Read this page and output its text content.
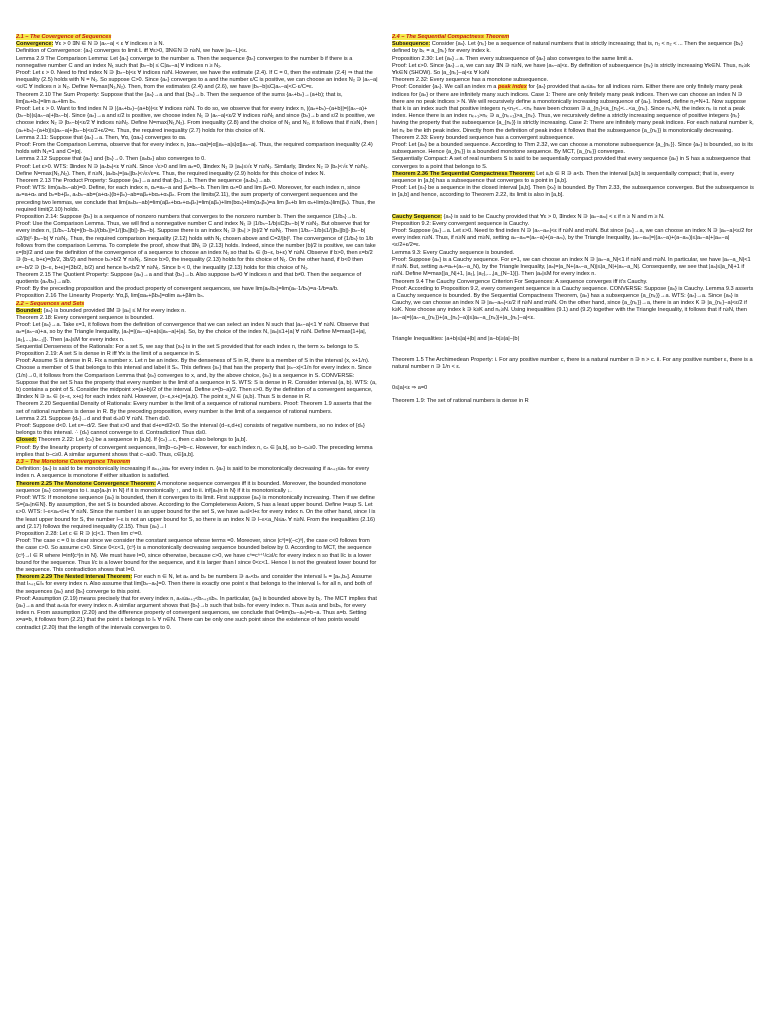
2.1 – The Covergence of Sequences

Convergence: ∀ε > 0 ∃N ∈ N ∋ |aₙ−a| < ε ∀ indices n ≥ N.

Definition of Convergence: {aₙ} converges to limit L iff ∀ε>0, ∃N∈N ∋ n≥N, we have |aₙ−L|<ε.

Lemma 2.9 The Comparison Lemma: Let {aₙ} converge to the number a. Then the sequence {bₙ} converges to the number b if there is a nonnegative number C and an index N₁ such that |bₙ−b| ≤ C|aₙ−a| ∀ indices n ≥ N₁.

Proof: Let ε > 0. Need to find index N ∋ |bₙ−b|<ε ∀ indices n≥N. However, we have the estimate (2.4). If C = 0, then the estimate (2.4) ⇒ that the inequality (2.5) holds with N = N₁. So suppose C>0. Since {aₙ} converges to a and the number ε/C is positive, we can choose an index N₂ ∋ |aₙ−a|<ε/C ∀ indices n ≥ N₂. Define N=max(N₁,N₂). Then, from the estimates (2.4) and (2.6), we have |bₙ−b|≤C|aₙ−a|<C·ε/C=ε.

Theorem 2.10 The Sum Property: Suppose that the {aₙ}→a and that {bₙ}→b. Then the sequence of the sums {aₙ+bₙ}→(a+b); that is, lim[aₙ+bₙ]=lim aₙ+lim bₙ.

Proof: Let ε > 0. Want to find index N ∋ |(aₙ+bₙ)−(a+b)|<ε ∀ indices n≥N. To do so, we observe that for every index n, |(aₙ+bₙ)−(a+b)|=|(aₙ−a)+(bₙ−b)|≤|aₙ−a|+|bₙ−b|. Since {aₙ}→a and ε/2 is positive, we choose index N₁ ∋ |aₙ−a|<ε/2 ∀ indices n≥N₁ and since {bₙ}→b and ε/2 is positive, we choose index N₂ ∋ |bₙ−b|<ε/2 ∀ indices n≥N₂. Define N=max(N₁,N₂). From inequality (2.8) and the choice of N₁ and N₂, it follows that if n≥N, then |(aₙ+bₙ)−(a+b)|≤|aₙ−a|+|bₙ−b|<ε/2+ε/2=ε. Thus, the required inequality (2.7) holds for this choice of N.

Lemma 2.11: Suppose that {aₙ}→a. Then, ∀α, {αaₙ} converges to αa.

Proof: From the Comparison Lemma, observe that for every index n, |αaₙ−αa|=|α||aₙ−a|≤|α||aₙ−a|. Thus, the required comparison inequality (2.4) holds with N₁=1 and C=|α|.

Lemma 2.12 Suppose that {aₙ} and {bₙ}→0. Then {aₙbₙ} also converges to 0.

Proof: Let ε>0. WTS: ∃index N ∋ |aₙbₙ|<ε ∀ n≥N. Since √ε>0 and lim aₙ=0, ∃index N₁ ∋ |aₙ|≤√ε ∀ n≥N₁. Similarly, ∃index N₂ ∋ |bₙ|<√ε ∀ n≥N₂. Define N=max(N₁,N₂). Then, if n≥N, |aₙbₙ|=|aₙ||bₙ|<√ε√ε=ε. Thus, the required inequality (2.9) holds for this choice of index N.

Theorem 2.13 The Product Property: Suppose {aₙ}→a and that {bₙ}→b. Then the sequence {aₙbₙ}→ab.

Proof: WTS: lim(aₙbₙ−ab)=0. Define, for each index n, αₙ=aₙ−a and βₙ=bₙ−b. Then lim αₙ=0 and lim βₙ=0. Moreover, for each index n, since aₙ=a+αₙ and bₙ=b+βₙ, aₙbₙ−ab=(a+αₙ)(b+βₙ)−ab=aβₙ+bαₙ+αₙβₙ. From the limits(2.11), the sum property of convergent sequences and the preceding two lemmas, we conclude that lim(aₙbₙ−ab)=lim(aβₙ+bαₙ+αₙβₙ)=lim(aβₙ)+lim(bαₙ)+lim(αₙβₙ)=a lim βₙ+b lim αₙ+lim(αₙ)lim(βₙ). Thus, the required limit(2.10) holds.

Proposition 2.14: Suppose {bₙ} is a sequence of nonzero numbers that converges to the nonzero number b. Then the sequence {1/bₙ}→b.

Proof: Use the Comparison Lemma. Thus, we will find a nonnegative number C and index N₁ ∋ |1/bₙ−1/b|≤C|bₙ−b| ∀ n≥N₁. But observe that for every index n, |1/bₙ−1/b|=|(b−bₙ)/(bbₙ)|=1/(|bₙ||b|)·|bₙ−b|. Suppose there is an index N₁ ∋ |bₙ| > |b|/2 ∀ n≥N₁. Then |1/bₙ−1/b|≤1/(|bₙ||b|)·|bₙ−b|≤2/|b|²·|bₙ−b| ∀ n≥N₁. Thus, the required comparison inequality (2.12) holds with N₁ chosen above and C=2/|b|². The convergence of {1/bₙ} to 1/b follows from the comparison Lemma. To complete the proof, show that ∃N₁ ∋ (2.13) holds. Indeed, since the number |b|/2 is positive, we can take ε=|b|/2 and use the definition of the convergence of a sequence to choose an index N₁ so that bₙ ∈ (b−ε, b+ε) ∀ n≥N. Observe if b>0, then ε=b/2 ∋ (b−ε, b+ε)=(b/2, 3b/2) and hence bₙ>b/2 ∀ n≥N₁. Since b>0, the inequality (2.13) holds for this choice of N₁. On the other hand, if b<0 then ε=−b/2 ∋ (b−ε, b+ε)=(3b/2, b/2) and hence bₙ<b/2 ∀ n≥N₁. Since b < 0, the inequality (2.13) holds for this choice of N₁.

Theorem 2.15 The Quotient Property: Suppose {aₙ}→a and that {bₙ}→b. Also suppose bₙ≠0 ∀ indices n and that b≠0. Then the sequence of quotients {aₙ/bₙ}→a/b.

Proof: By the preceding proposition and the product property of convergent sequences, we have lim(aₙ/bₙ)=lim(aₙ·1/bₙ)=a·1/b=a/b.

Proposition 2.16 The Linearity Property: ∀α,β, lim[αaₙ+βbₙ]=αlim aₙ+βlim bₙ.

2.2 – Sequences and Sets

Bounded: {aₙ} is bounded provided ∃M ∋ |aₙ| ≤ M for every index n.

Theorem 2.18: Every convergent sequence is bounded.

Proof: Let {aₙ}→a. Take ε=1, it follows from the definition of convergence that we can select an index N such that |aₙ−a|<1 ∀ n≥N. Observe that aₙ=(aₙ−a)+a, so by the Triangle Inequality, |aₙ|=|(aₙ−a)+a|≤|aₙ−a|+|a|. So, by the choice of the index N, |aₙ|≤1+|a| ∀ n≥N. Define M=max{1+|a|, |a₁|,...,|aₙ₋₁|}. Then |aₙ|≤M for every index n.

Sequential Denseness of the Rationals: For a set S, we say that {xₙ} is in the set S provided that for each index n, the term xₙ belongs to S.

Proposition 2.19: A set S is dense in R iff ∀x is the limit of a sequence in S.

Proof: Assume S is dense in R. Fix a number x. Let n be an index. By the denseness of S in R, there is a member of S in the interval (x, x+1/n). Choose a member of S that belongs to this interval and label it Sₙ. This defines {sₙ} that has the property that |sₙ−x|<1/n for every index n. Since (1/n)→0, it follows from the Comparison Lemma that {sₙ} converges to x, and, by the above choice, {sₙ} is a sequence in S. CONVERSE: Suppose that the set S has the property that every number is the limit of a sequence in S. WTS: S is dense in R. Consider interval (a, b). WTS: (a, b) contains a point of S. Consider the midpoint x=(a+b)/2 of the interval. Define ε=(b−a)/2. Then ε>0. By the definition of a convergent sequence, ∃index N ∋ sₙ ∈ (x−ε, x+ε) for each index n≥N. However, (x−ε,x+ε)=(a,b). The point s_N ∈ (a,b). Thus S is dense in R.

Theorem 2.20 Sequential Density of Rationals: Every number is the limit of a sequence of rational numbers. Proof: Theorem 1.9 asserts that the set of rational numbers is dense in R. By the preceding proposition, every number is the limit of a sequence of rational numbers.

Lemma 2.21 Suppose {dₙ}→d and that dₙ≥0 ∀ n≥N. Then d≥0.

Proof: Suppose d<0. Let ε=−d/2. See that ε>0 and that d+ε=d/2<0. So the interval (d−ε,d+ε) consists of negative numbers, so no index of {dₙ} belongs to this interval. ∴ {dₙ} cannot converge to d. Contradiction! Thus d≥0.

Closed: Theorem 2.22: Let {cₙ} be a sequence in [a,b]. If {cₙ}→c, then c also belongs to [a,b].

Proof: By the linearity property of convergent sequences, lim[b−cₙ]=b−c. However, for each index n, cₙ ∈ [a,b], so b−cₙ≥0. The preceding lemma implies that b−c≥0. A similar argument shows that c−a≥0. Thus, c∈[a,b].

2.3 – The Monotone Convergence Theorem

Definition: {aₙ} is said to be monotonically increasing if aₙ₊₁≥aₙ for every index n. {aₙ} is said to be monotonically decreasing if aₙ₊₁≤aₙ for every index n. A sequence is monotone if either situation is satisfied.

Theorem 2.25 The Monotone Convergence Theorem: A monotone sequence converges iff it is bounded. Moreover, the bounded monotone sequence {aₙ} converges to i. sup{aₙ|n in N} if it is monotonically ↑, and to ii. inf{aₙ|n in N} if it is monotonically ↓.

Proof: WTS: If monotone sequence {aₙ} is bounded, then it converges to its limit. First suppose {aₙ} is monotonically increasing. Then if we define S={aₙ|n∈N}. By assumption, the set S is bounded above. According to the Completeness Axiom, S has a least upper bound. Define l=sup S. Let ε>0. WTS: l−ε<aₙ<l+ε ∀ n≥N. Since the number l is an upper bound for the set S, we have aₙ≤l<l+ε for every index n. On the other hand, since l is the least upper bound for S, the number l−ε is not an upper bound for S, so there is an index N ∋ l−ε<a_N≤aₙ ∀ n≥N. From the inequalities (2.16) and (2.17) follows the required inequality (2.15). Thus {aₙ}→l

Proposition 2.28: Let c ∈ R ∋ |c|<1. Then lim cⁿ=0.

Proof: The case c = 0 is clear since we consider the constant sequence whose terms =0. Moreover, since |cⁿ|=|(−c)ⁿ|, the case c<0 follows from the case c>0. So assume c>0. Since 0<c<1, {cⁿ} is a monotonically decreasing sequence bounded below by 0. According to MCT, the sequence {cⁿ}→l ∈ R where l=inf{cⁿ|n in N}. We must have l=0, since otherwise, because c>0, we have cⁿ=cⁿ⁺¹/c≥l/c for every index n so that l/c is a lower bound for the sequence. Thus l/c is a lower bound for the sequence, and it is larger than l since 0<c<1. Hence l is not the greatest lower bound for the sequence. This contradiction shows that l=0.

Theorem 2.29 The Nested Interval Theorem: For each n ∈ N, let aₙ and bₙ be numbers ∋ aₙ<bₙ and consider the interval Iₙ = [aₙ,bₙ]. Assume that Iₙ₊₁⊆Iₙ for every index n. Also assume that lim[bₙ−aₙ]=0. Then there is exactly one point x that belongs to the interval Iₙ for all n, and both of the sequences {aₙ} and {bₙ} converge to this point.

Proof: Assumption (2.19) means precisely that for every index n, aₙ≤aₙ₊₁<bₙ₊₁≤bₙ. In particular, {aₙ} is bounded above by b₁. The MCT implies that {aₙ}→a and that aₙ≤a for every index n. A similar argument shows that {bₙ}→b such that b≤bₙ for every index n. Thus aₙ≤a and b≤bₙ, for every index n. From assumption (2.20) and the difference property of convergent sequences, we conclude that 0=lim(bₙ−aₙ)=b−a. Thus a=b. Setting x=a=b, it follows from (2.21) that the point x belongs to Iₙ ∀ n∈N. There can be only one such point since the existence of two points would contradict (2.20) that the length of the intervals converges to 0.

2.4 – The Sequential Compactness Theorem

Subsequence: Consider {aₙ}. Let {nₖ} be a sequence of natural numbers that is strictly increasing; that is, n₁ < n₂ < ... Then the sequence {bₖ} defined by bₖ = a_{nₖ} for every index k.

Proposition 2.30: Let {aₙ}→a. Then every subsequence of {aₙ} also converges to the same limit a.

Proof: Let ε>0. Since {aₙ}→a, we can say ∃N ∋ n≥N, we have |aₙ−a|<ε. By definition of subsequence {nₖ} is strictly increasing ∀k∈N. Thus, nₖ≥k ∀k∈N (SHOW). So |a_{nₖ}−a|<ε ∀ k≥N

Theorem 2.32: Every sequence has a monotone subsequence.

Proof: Consider {aₙ}. We call an index m a peak index for {aₙ} provided that aₙ≤aₘ for all indices n≥m. Either there are only finitely many peak indices for {aₙ} or there are infinitely many such indices. Case 1: There are only finitely many peak indices. Then we can choose an index N ∋ there are no peak indices > N. We will recursively define a monotonically increasing subsequence of {aₙ}. Indeed, define n₁=N+1. Now suppose that k is an index such that positive integers n₁<n₂<...<nₖ have been chosen ∋ a_{n₁}<a_{n₂}<...<a_{nₖ}. Since nₖ>N, the index nₖ is not a peak index. Hence there is an index nₖ₊₁>nₖ ∋ a_{nₖ₊₁}>a_{nₖ}. Thus, we recursively define a strictly increasing sequence of positive integers {nₖ} having the property that the subsequence {a_{nₖ}} is strictly increasing. Case 2: There are infinitely many peak indices. For each natural number k, let nₖ be the kth peak index. Directly from the definition of peak index it follows that the subsequence {a_{nₖ}} is monotonically decreasing.

Theorem 2.33: Every bounded sequence has a convergent subsequence.

Proof: Let {aₙ} be a bounded sequence. According to Thm 2.32, we can choose a monotone subsequence {a_{nₖ}}. Since {aₙ} is bounded, so is its subsequence. Hence {a_{nₖ}} is a bounded monotone sequence. By MCT, {a_{nₖ}} converges.

Sequentially Compact: A set of real numbers S is said to be sequentially compact provided that every sequence {aₙ} in S has a subsequence that converges to a point that belongs to S.

Theorem 2.36 The Sequential Compactness Theorem: Let a,b ∈ R ∋ a<b. Then the interval [a,b] is sequentially compact; that is, every sequence in [a,b] has a subsequence that converges to a point in [a,b].

Proof: Let {xₙ} be a sequence in the closed interval [a,b]. Then {xₙ} is bounded. By Thm 2.33, the subsequence converges. But the subsequence is in [a,b] and hence, according to Theorem 2.22, its limit is also in [a,b].

Cauchy Sequence: {aₙ} is said to be Cauchy provided that ∀ε > 0, ∃index N ∋ |aₙ−aₘ| < ε if n ≥ N and m ≥ N.

Preposition 9.2: Every convergent sequence is Cauchy.

Proof: Suppose {aₙ}→a. Let ε>0. Need to find index N ∋ |aₙ−aₘ|<ε if n≥N and m≥N. But since {aₙ}→a, we can choose an index N ∋ |aₙ−a|<ε/2 for every index n≥N. Thus, if n≥N and m≥N, setting aₙ−aₘ=(aₙ−a)+(a−aₘ), by the Triangle Inequality, |aₙ−aₘ|=|(aₙ−a)+(a−aₘ)|≤|aₙ−a|+|aₘ−a|<ε/2+ε/2=ε.

Lemma 9.3: Every Cauchy sequence is bounded.

Proof: Suppose {aₙ} is a Cauchy sequence. For ε=1, we can choose an index N ∋ |aₙ−a_N|<1 if n≥N and m≥N. In particular, we have |aₙ−a_N|<1 if n≥N. But, setting aₙ=aₙ+(aₙ−a_N), by the Triangle Inequality, |aₙ|=|a_N+(aₙ−a_N)|≤|a_N|+|aₙ−a_N|. Consequently, we see that |aₙ|≤|a_N|+1 if n≥N. Define M=max{|a_N|+1, |a₁|, |a₂|,...,|a_{N−1}|}. Then |aₙ|≤M for every index n.

Theorem 9.4 The Cauchy Convergence Criterion For Sequences: A sequence converges iff it's Cauchy.

Proof: According to Proposition 9.2, every convergent sequence is a Cauchy sequence. CONVERSE: Suppose {aₙ} is Cauchy. Lemma 9.3 asserts a Cauchy sequence is bounded. By the Sequential Compactness Theorem, {aₙ} has a subsequence {a_{nₖ}}→a. WTS: {aₙ}→a. Since {aₙ} is Cauchy, we can choose an index N ∋ |aₙ−aₘ|<ε/2 if n≥N and m≥N. On the other hand, since {a_{nₖ}}→a, there is an index K ∋ |a_{nₖ}−a|<ε/2 if k≥K. Now choose any index k ∋ k≥K and nₖ≥N. Using inequalities (9.1) and (9.2) together with the Triangle Inequality, it follows that if n≥N, then |aₙ−a|=|(aₙ−a_{nₖ})+(a_{nₖ}−a)|≤|aₙ−a_{nₖ}|+|a_{nₖ}−a|<ε.

Triangle Inequalities: |a+b|≤|a|+|b| and |a−b|≥|a|−|b|

Theorem 1.5 The Archimedean Property: i. For any positive number c, there is a natural number n ∋ n > c. ii. For any positive number ε, there is a natural number n ∋ 1/n < ε.

0≤|a|<ε ⇒ a=0

Theorem 1.9: The set of rational numbers is dense in R
